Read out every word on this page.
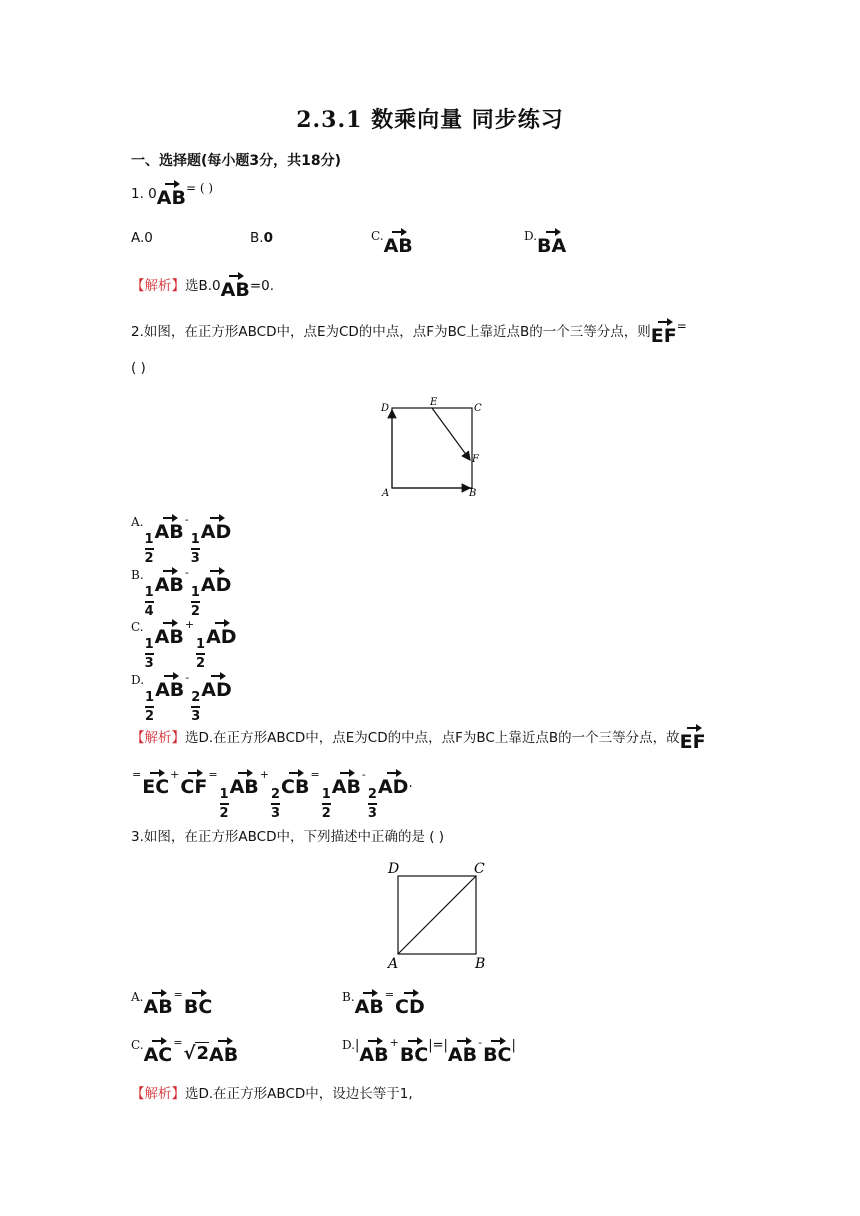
2.3.1 数乘向量 同步练习
一、选择题(每小题3分，共18分)
1. 0AB= ( )
A.0	B.0	C.AB	D.BA
【解析】选B.0AB=0.
2.如图，在正方形ABCD中，点E为CD的中点，点F为BC上靠近点B的一个三等分点，则EF=
( )
D
E
C
F
A	B
A.
$\frac{1}{2}$
AB-
$\frac{1}{3}$
AD
B.
$\frac{1}{4}$
AB-
$\frac{1}{2}$
AD
C.
$\frac{1}{3}$
AB+
$\frac{1}{2}$
AD
D.
$\frac{1}{2}$
AB-
$\frac{2}{3}$
AD
【解析】选D.在正方形ABCD中，点E为CD的中点，点F为BC上靠近点B的一个三等分点，故EF
=EC+CF=
$\frac{1}{2}$
AB+
$\frac{2}{3}$
CB=
$\frac{1}{2}$
AB-
$\frac{2}{3}$
AD.
3.如图，在正方形ABCD中，下列描述中正确的是 ( )
D	C
A	B
A.AB=BC	B.AB=CD
C.AC=√2AB	D.|AB+BC|=|AB-BC|
【解析】选D.在正方形ABCD中，设边长等于1,
